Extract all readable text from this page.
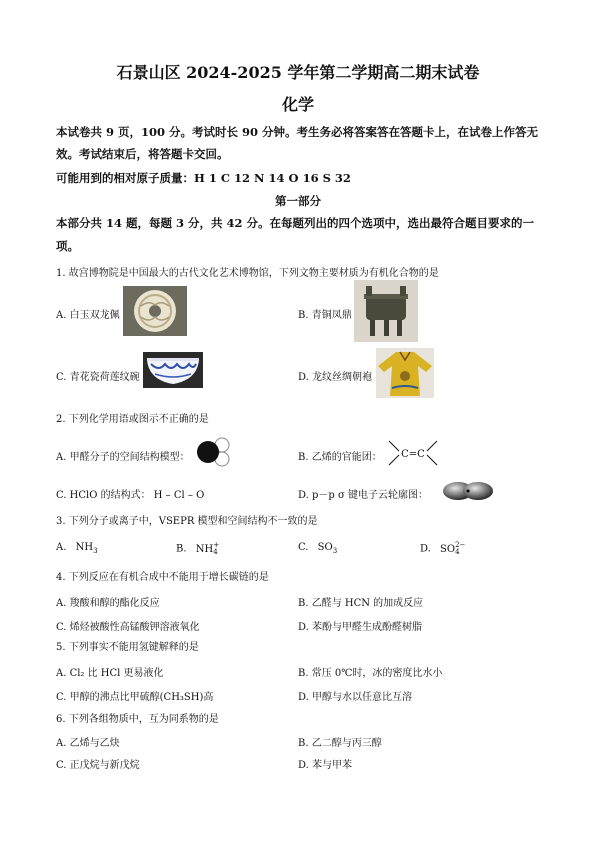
石景山区 2024-2025 学年第二学期高二期末试卷
化学
本试卷共 9 页，100 分。考试时长 90 分钟。考生务必将答案答在答题卡上，在试卷上作答无
效。考试结束后，将答题卡交回。
可能用到的相对原子质量：H 1 C 12 N 14 O 16 S 32
第一部分
本部分共 14 题，每题 3 分，共 42 分。在每题列出的四个选项中，选出最符合题目要求的一
项。
1. 故宫博物院是中国最大的古代文化艺术博物馆，下列文物主要材质为有机化合物的是
A. 白玉双龙佩	B. 青铜凤鼎
C. 青花瓷荷莲纹碗	D. 龙纹丝绸朝袍
2. 下列化学用语或图示不正确的是
A. 甲醛分子的空间结构模型：	B. 乙烯的官能团： C=C
C. HClO 的结构式： H – Cl – O	D. p－p σ 键电子云轮廓图：
3. 下列分子或离子中，VSEPR 模型和空间结构不一致的是
A. $NH_3$	B. NH +
4	C. $SO_3$	D. SO 2−
4
4. 下列反应在有机合成中不能用于增长碳链的是
A. 羧酸和醇的酯化反应	B. 乙醛与 HCN 的加成反应
C. 烯烃被酸性高锰酸钾溶液氧化	D. 苯酚与甲醛生成酚醛树脂
5. 下列事实不能用氢键解释的是
A. Cl₂ 比 HCl 更易液化	B. 常压 0℃时，冰的密度比水小
C. 甲醇的沸点比甲硫醇(CH₃SH)高	D. 甲醇与水以任意比互溶
6. 下列各组物质中，互为同系物的是
A. 乙烯与乙炔	B. 乙二醇与丙三醇
C. 正戊烷与新戊烷	D. 苯与甲苯
